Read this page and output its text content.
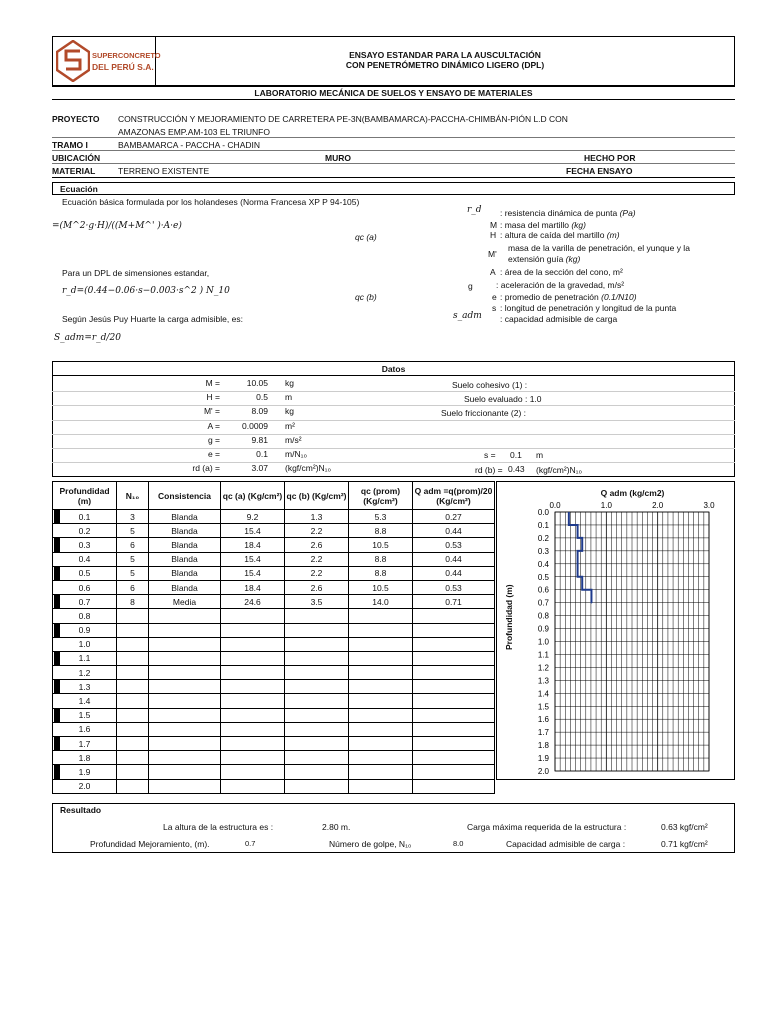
SUPERCONCRETO
DEL PERÚ S.A.
ENSAYO ESTANDAR PARA LA AUSCULTACIÓN
CON PENETRÓMETRO DINÁMICO LIGERO (DPL)
LABORATORIO MECÁNICA DE SUELOS Y ENSAYO DE MATERIALES
PROYECTO CONSTRUCCIÓN Y MEJORAMIENTO DE CARRETERA PE-3N(BAMBAMARCA)-PACCHA-CHIMBÁN-PIÓN L.D CON
AMAZONAS EMP.AM-103 EL TRIUNFO
TRAMO I	BAMBAMARCA - PACCHA - CHADIN
UBICACIÓN	MURO	HECHO POR
MATERIAL	TERRENO EXISTENTE	FECHA ENSAYO
Ecuación
Ecuación básica formulada por los holandeses (Norma Francesa XP P 94-105)
=(M^2·g·H)/((M+M^' )·A·e)
qc (a)
Para un DPL de simensiones estandar,
r_d=(0.44−0.06·s−0.003·s^2 ) N_10
qc (b)
Según Jesús Puy Huarte la carga admisible, es:
S_adm=r_d/20
r_d : resistencia dinámica de punta (Pa)
M : masa del martillo (kg)
H : altura de caída del martillo (m)
M'
masa de la varilla de penetración, el yunque y la
extensión guía (kg)
A : área de la sección del cono, m²
g	: aceleración de la gravedad, m/s²
e : promedio de penetración (0.1/N10)
s : longitud de penetración y longitud de la punta
s_adm : capacidad admisible de carga
Datos
M =	10.05 kg
H =	0.5 m
M' =	8.09 kg
A =	0.0009 m²
g =	9.81 m/s²
e =	0.1 m/N₁₀
rd (a) =	3.07 (kgf/cm²)N₁₀
Suelo cohesivo (1) :
Suelo evaluado : 1.0
Suelo friccionante (2) :
s = 0.1 m
rd (b) = 0.43 (kgf/cm²)N₁₀
Profundidad (m)	N₁₀	Consistencia	qc (a) (Kg/cm²)	qc (b) (Kg/cm²)	qc (prom) (Kg/cm²)	Q adm =q(prom)/20 (Kg/cm²)

0.1	3	Blanda	9.2	1.3	5.3	0.27

0.2	5	Blanda	15.4	2.2	8.8	0.44

0.3	6	Blanda	18.4	2.6	10.5	0.53

0.4	5	Blanda	15.4	2.2	8.8	0.44

0.5	5	Blanda	15.4	2.2	8.8	0.44

0.6	6	Blanda	18.4	2.6	10.5	0.53

0.7	8	Media	24.6	3.5	14.0	0.71

0.8						

0.9						

1.0						

1.1						

1.2						

1.3						

1.4						

1.5						

1.6						

1.7						

1.8						

1.9						

2.0						
Q adm (kg/cm2)
Profundidad (m)
0.0
0.1
0.2
0.3
0.4
0.5
0.6
0.7
0.8
0.9
1.0
1.1
1.2
1.3
1.4
1.5
1.6
1.7
1.8
1.9
2.0
0.0	1.0	2.0	3.0
Resultado
La altura de la estructura es :	2.80 m.	Carga máxima requerida de la estructura :	0.63 kgf/cm²
Profundidad Mejoramiento, (m).	0.7	Número de golpe, N₁₀	8.0	Capacidad admisible de carga :	0.71 kgf/cm²
